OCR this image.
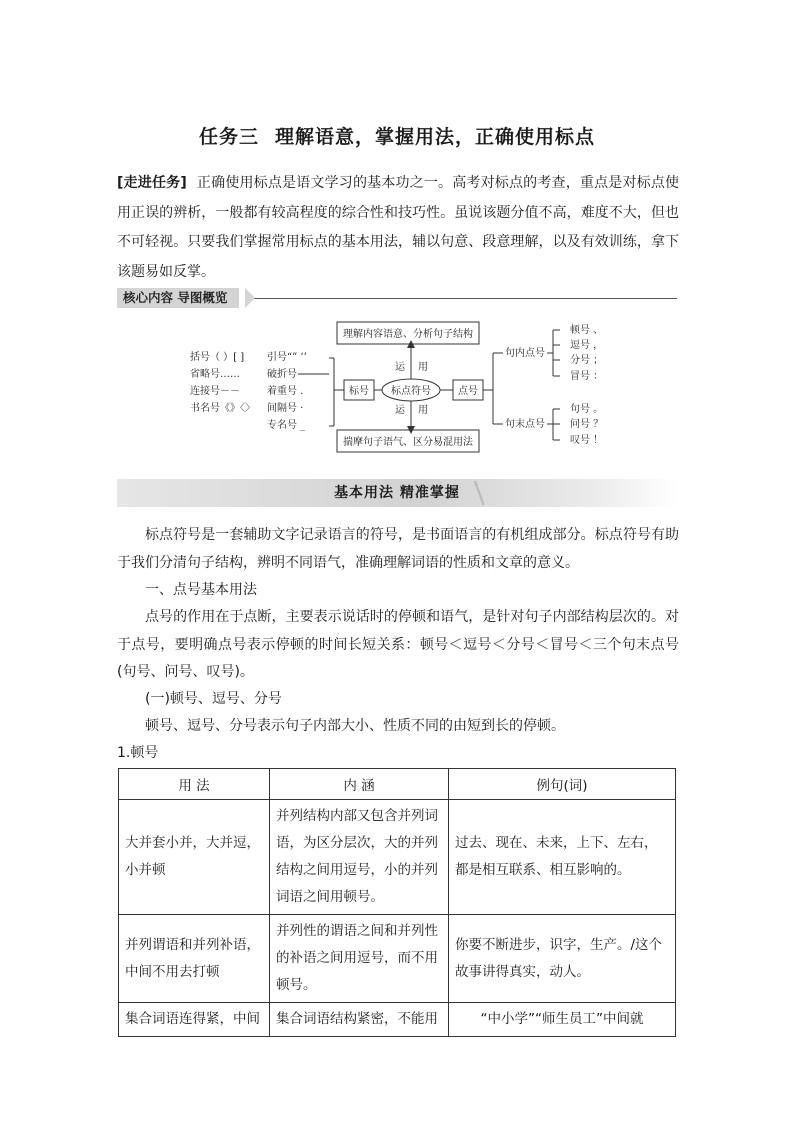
任务三 理解语意，掌握用法，正确使用标点
[走进任务] 正确使用标点是语文学习的基本功之一。高考对标点的考查，重点是对标点使用正误的辨析，一般都有较高程度的综合性和技巧性。虽说该题分值不高，难度不大，但也不可轻视。只要我们掌握常用标点的基本用法，辅以句意、段意理解，以及有效训练，拿下该题易如反掌。
核心内容 导图概览
理解内容语意、分析句子结构
揣摩句子语气、区分易混用法
标点符号
标号	点号
运 用
运 用
句内点号
句末点号
括号（ ）[ ]
省略号……
连接号－－
书名号《》〈〉
引号“” ‘’
破折号
着重号 .
间隔号 ·
专名号 _
顿号 、
逗号 ，
分号 ；
冒号 ：
句号 。
问号 ？
叹号 ！
基本用法 精准掌握
标点符号是一套辅助文字记录语言的符号，是书面语言的有机组成部分。标点符号有助于我们分清句子结构，辨明不同语气，准确理解词语的性质和文章的意义。
一、点号基本用法
点号的作用在于点断，主要表示说话时的停顿和语气，是针对句子内部结构层次的。对于点号，要明确点号表示停顿的时间长短关系：顿号＜逗号＜分号＜冒号＜三个句末点号(句号、问号、叹号)。
(一)顿号、逗号、分号
顿号、逗号、分号表示句子内部大小、性质不同的由短到长的停顿。
1.顿号
用 法	内 涵	例句(词)
大并套小并，大并逗，小并顿	并列结构内部又包含并列词语，为区分层次，大的并列结构之间用逗号，小的并列词语之间用顿号。	过去、现在、未来，上下、左右，都是相互联系、相互影响的。
并列谓语和并列补语，中间不用去打顿	并列性的谓语之间和并列性的补语之间用逗号，而不用顿号。	你要不断进步，识字，生产。/这个故事讲得真实，动人。
集合词语连得紧，中间	集合词语结构紧密，不能用	“中小学”“师生员工”中间就
